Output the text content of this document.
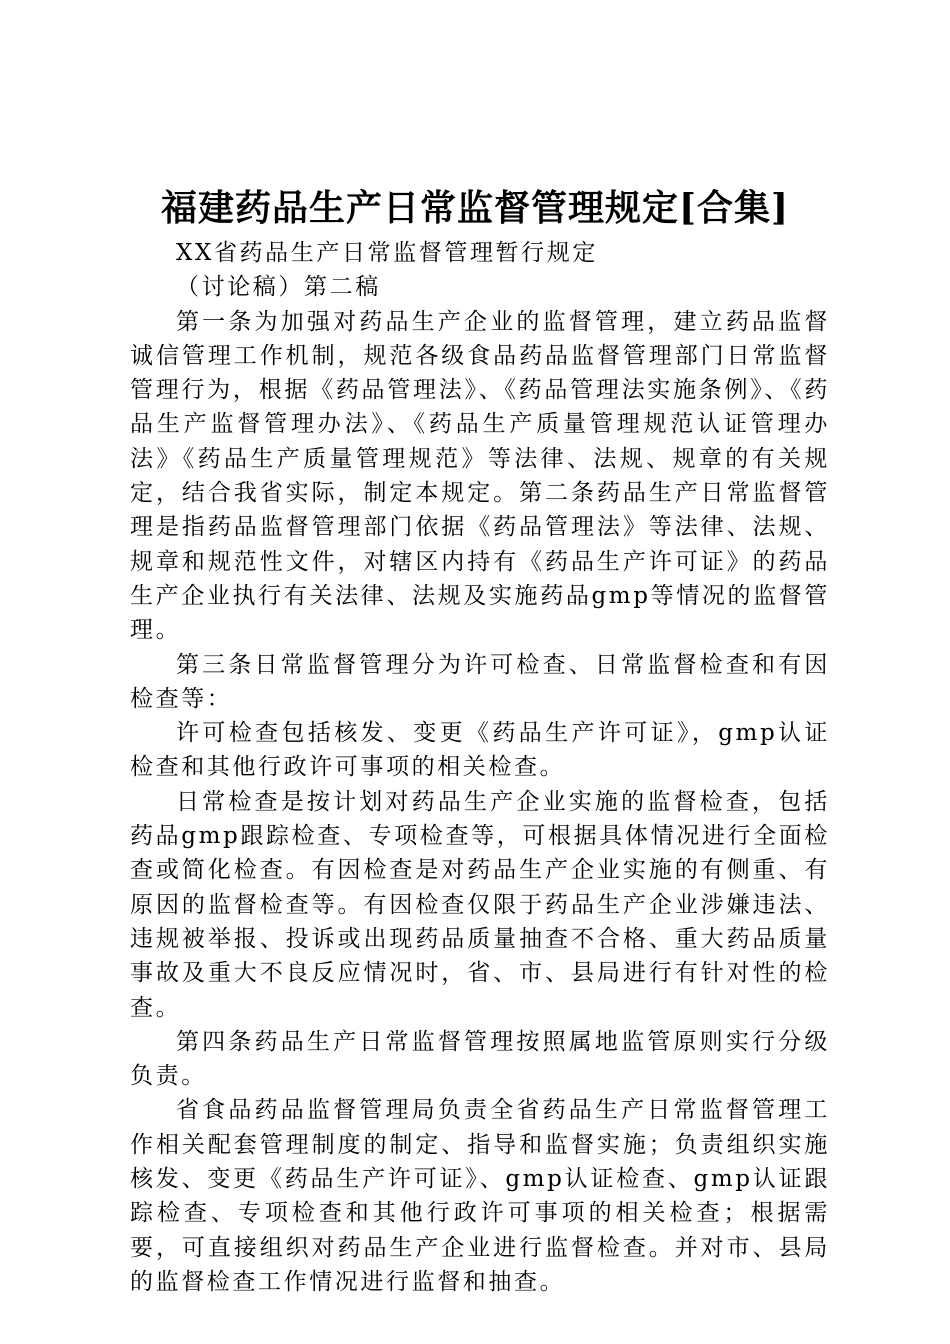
福建药品生产日常监督管理规定[合集]

XX省药品生产日常监督管理暂行规定

（讨论稿）第二稿

第一条为加强对药品生产企业的监督管理，建立药品监督诚信管理工作机制，规范各级食品药品监督管理部门日常监督管理行为，根据《药品管理法》、《药品管理法实施条例》、《药品生产监督管理办法》、《药品生产质量管理规范认证管理办法》《药品生产质量管理规范》等法律、法规、规章的有关规定，结合我省实际，制定本规定。第二条药品生产日常监督管理是指药品监督管理部门依据《药品管理法》等法律、法规、规章和规范性文件，对辖区内持有《药品生产许可证》的药品生产企业执行有关法律、法规及实施药品gmp等情况的监督管理。

第三条日常监督管理分为许可检查、日常监督检查和有因检查等：

许可检查包括核发、变更《药品生产许可证》，gmp认证检查和其他行政许可事项的相关检查。

日常检查是按计划对药品生产企业实施的监督检查，包括药品gmp跟踪检查、专项检查等，可根据具体情况进行全面检查或简化检查。有因检查是对药品生产企业实施的有侧重、有原因的监督检查等。有因检查仅限于药品生产企业涉嫌违法、违规被举报、投诉或出现药品质量抽查不合格、重大药品质量事故及重大不良反应情况时，省、市、县局进行有针对性的检查。

第四条药品生产日常监督管理按照属地监管原则实行分级负责。

省食品药品监督管理局负责全省药品生产日常监督管理工作相关配套管理制度的制定、指导和监督实施；负责组织实施核发、变更《药品生产许可证》、gmp认证检查、gmp认证跟踪检查、专项检查和其他行政许可事项的相关检查；根据需要，可直接组织对药品生产企业进行监督检查。并对市、县局的监督检查工作情况进行监督和抽查。
